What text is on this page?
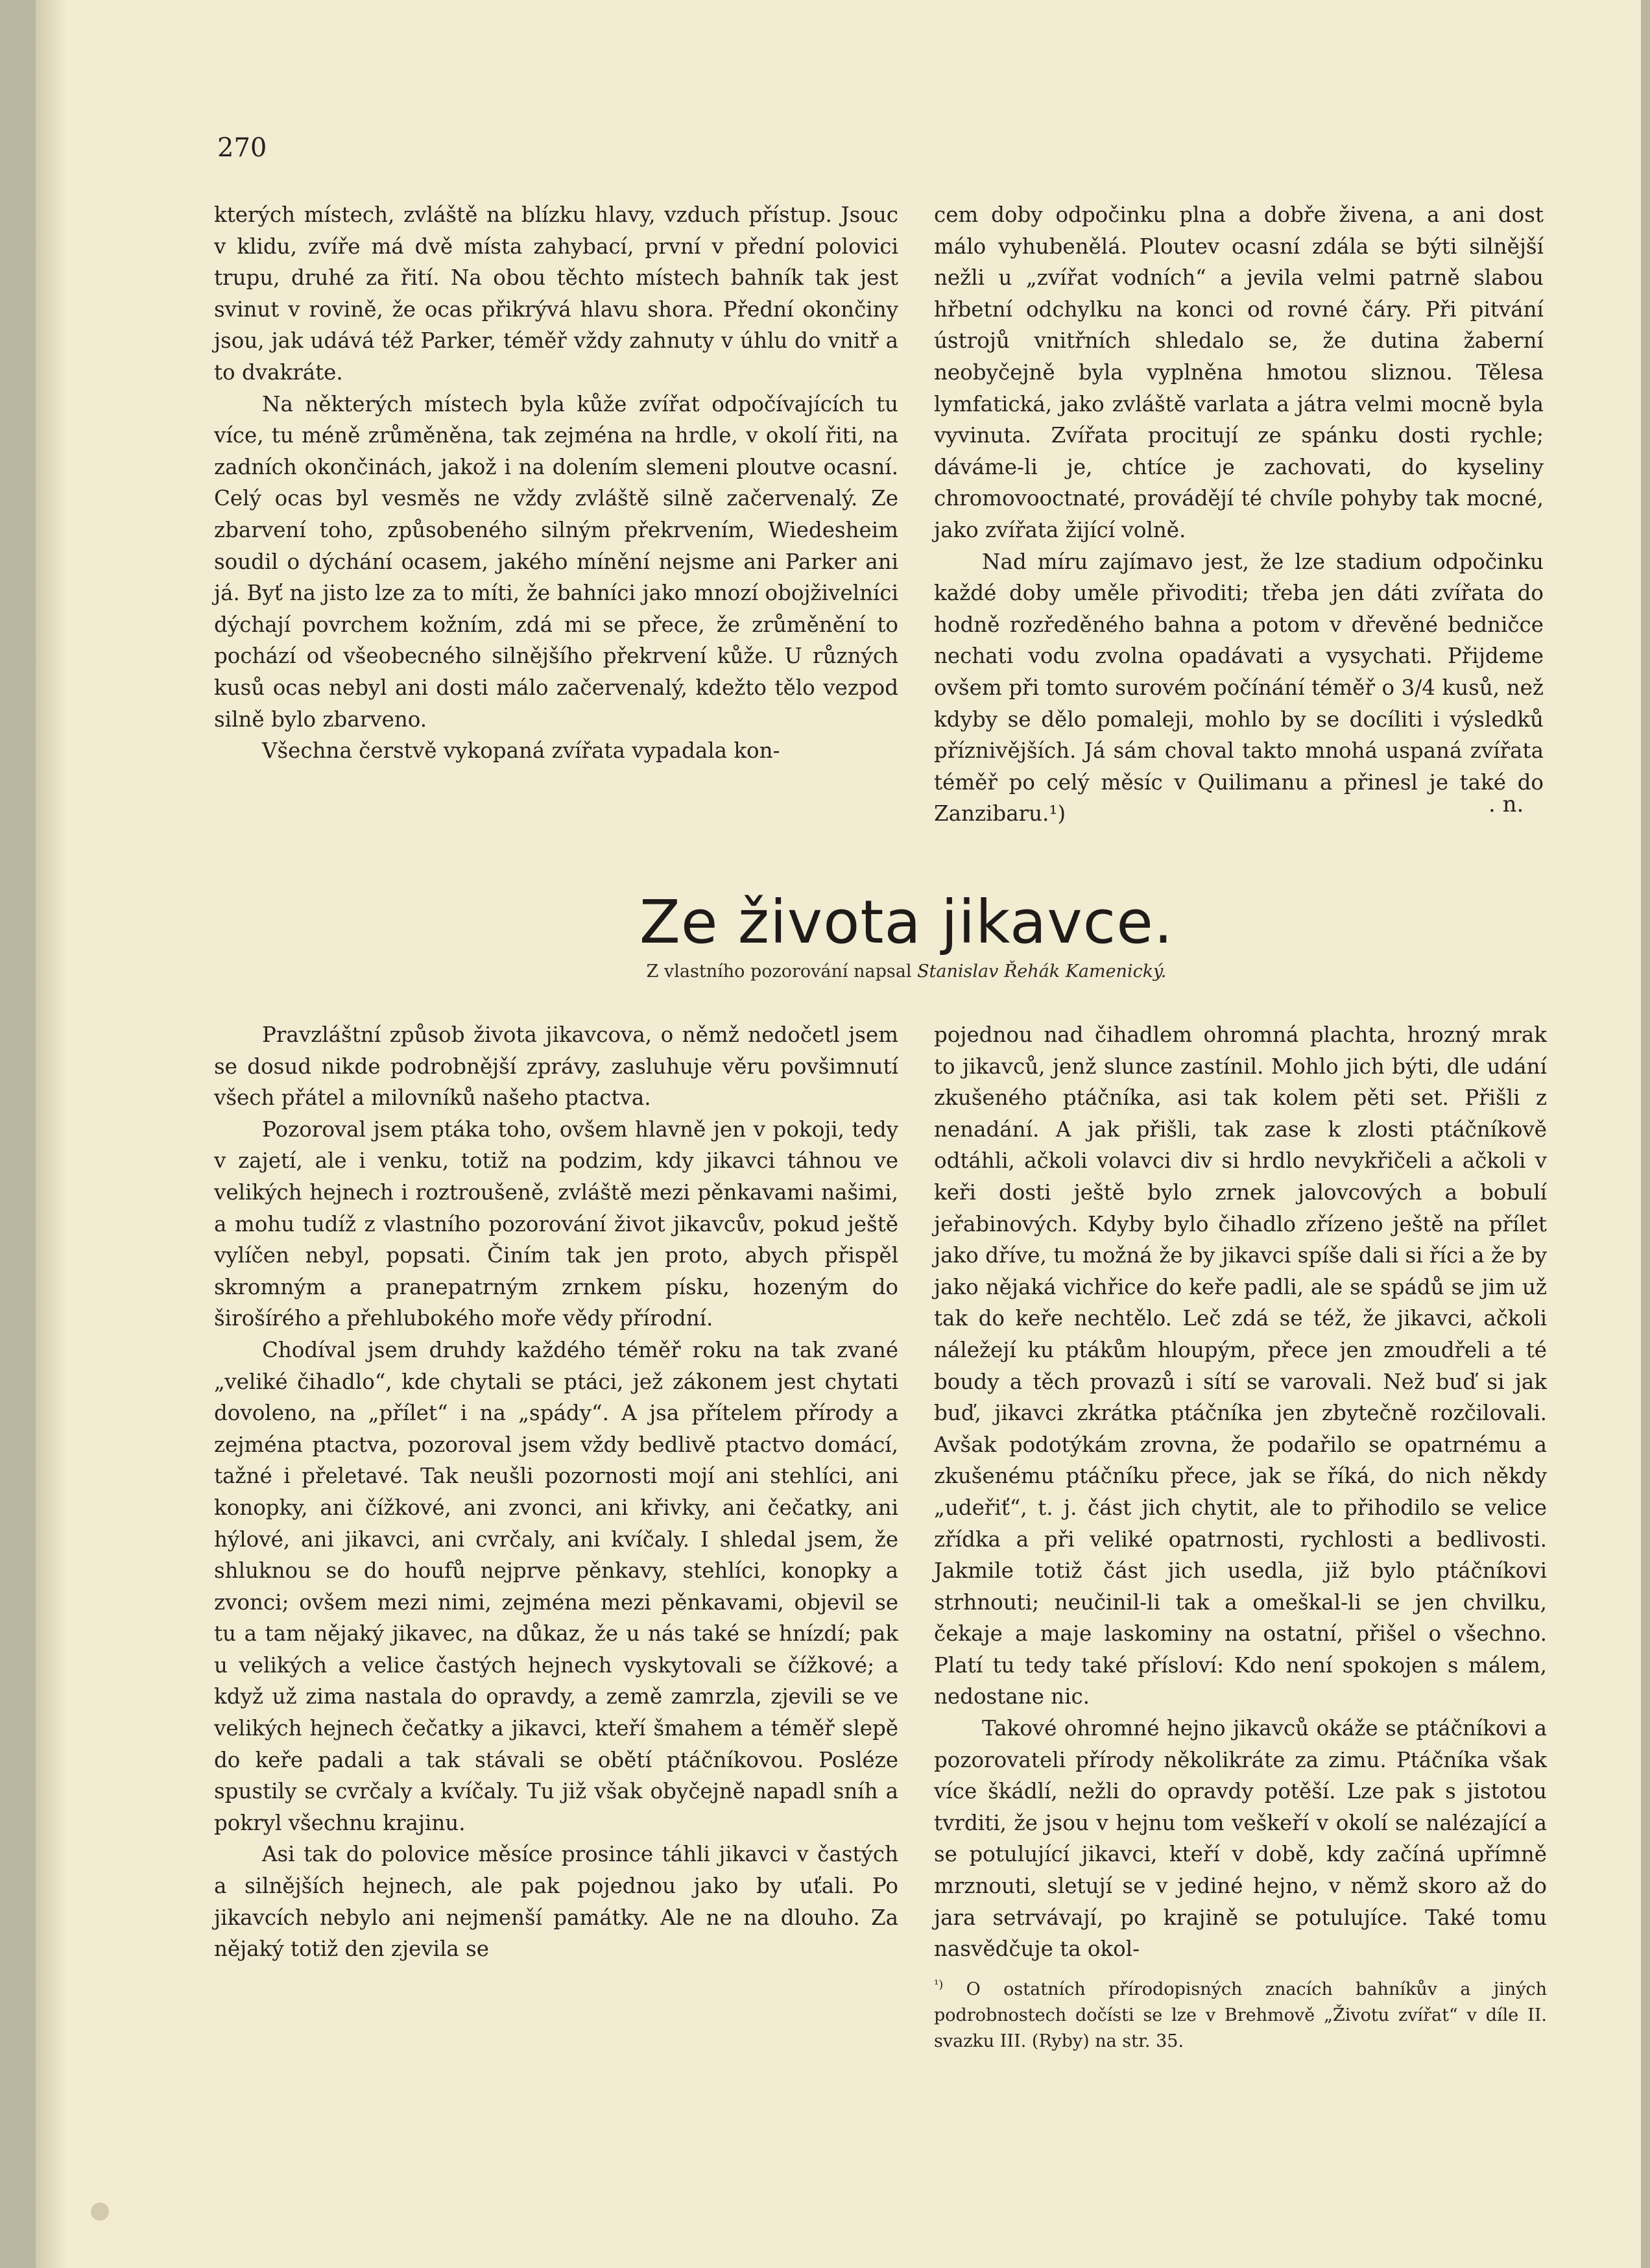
270

kterých místech, zvláště na blízku hlavy, vzduch přístup. Jsouc v klidu, zvíře má dvě místa zahybací, první v přední polovici trupu, druhé za řití. Na obou těchto místech bahník tak jest svinut v rovině, že ocas přikrývá hlavu shora. Přední okončiny jsou, jak udává též Parker, téměř vždy zahnuty v úhlu do vnitř a to dvakráte.

Na některých místech byla kůže zvířat odpočívajících tu více, tu méně zrůměněna, tak zejména na hrdle, v okolí řiti, na zadních okončinách, jakož i na dolením slemeni ploutve ocasní. Celý ocas byl vesměs ne vždy zvláště silně začervenalý. Ze zbarvení toho, způsobeného silným překrvením, Wiedesheim soudil o dýchání ocasem, jakého mínění nejsme ani Parker ani já. Byť na jisto lze za to míti, že bahníci jako mnozí obojživelníci dýchají povrchem kožním, zdá mi se přece, že zrůměnění to pochází od všeobecného silnějšího překrvení kůže. U různých kusů ocas nebyl ani dosti málo začervenalý, kdežto tělo vezpod silně bylo zbarveno.

Všechna čerstvě vykopaná zvířata vypadala kon-

cem doby odpočinku plna a dobře živena, a ani dost málo vyhubenělá. Ploutev ocasní zdála se býti silnější nežli u „zvířat vodních“ a jevila velmi patrně slabou hřbetní odchylku na konci od rovné čáry. Při pitvání ústrojů vnitřních shledalo se, že dutina žaberní neobyčejně byla vyplněna hmotou sliznou. Tělesa lymfatická, jako zvláště varlata a játra velmi mocně byla vyvinuta. Zvířata procitují ze spánku dosti rychle; dáváme-li je, chtíce je zachovati, do kyseliny chromovooctnaté, provádějí té chvíle pohyby tak mocné, jako zvířata žijící volně.

Nad míru zajímavo jest, že lze stadium odpočinku každé doby uměle přivoditi; třeba jen dáti zvířata do hodně rozředěného bahna a potom v dřevěné bedničce nechati vodu zvolna opadávati a vysychati. Přijdeme ovšem při tomto surovém počínání téměř o 3/4 kusů, než kdyby se dělo pomaleji, mohlo by se docíliti i výsledků příznivějších. Já sám choval takto mnohá uspaná zvířata téměř po celý měsíc v Quilimanu a přinesl je také do Zanzibaru.¹)	. n.
Ze života jikavce.
Z vlastního pozorování napsal Stanislav Řehák Kamenický.

Pravzláštní způsob života jikavcova, o němž nedočetl jsem se dosud nikde podrobnější zprávy, zasluhuje věru povšimnutí všech přátel a milovníků našeho ptactva.

Pozoroval jsem ptáka toho, ovšem hlavně jen v pokoji, tedy v zajetí, ale i venku, totiž na podzim, kdy jikavci táhnou ve velikých hejnech i roztroušeně, zvláště mezi pěnkavami našimi, a mohu tudíž z vlastního pozorování život jikavcův, pokud ještě vylíčen nebyl, popsati. Činím tak jen proto, abych přispěl skromným a pranepatrným zrnkem písku, hozeným do širošírého a přehlubokého moře vědy přírodní.

Chodíval jsem druhdy každého téměř roku na tak zvané „veliké čihadlo“, kde chytali se ptáci, jež zákonem jest chytati dovoleno, na „přílet“ i na „spády“. A jsa přítelem přírody a zejména ptactva, pozoroval jsem vždy bedlivě ptactvo domácí, tažné i přeletavé. Tak neušli pozornosti mojí ani stehlíci, ani konopky, ani čížkové, ani zvonci, ani křivky, ani čečatky, ani hýlové, ani jikavci, ani cvrčaly, ani kvíčaly. I shledal jsem, že shluknou se do houfů nejprve pěnkavy, stehlíci, konopky a zvonci; ovšem mezi nimi, zejména mezi pěnkavami, objevil se tu a tam nějaký jikavec, na důkaz, že u nás také se hnízdí; pak u velikých a velice častých hejnech vyskytovali se čížkové; a když už zima nastala do opravdy, a země zamrzla, zjevili se ve velikých hejnech čečatky a jikavci, kteří šmahem a téměř slepě do keře padali a tak stávali se obětí ptáčníkovou. Posléze spustily se cvrčaly a kvíčaly. Tu již však obyčejně napadl sníh a pokryl všechnu krajinu.

Asi tak do polovice měsíce prosince táhli jikavci v častých a silnějších hejnech, ale pak pojednou jako by uťali. Po jikavcích nebylo ani nejmenší památky. Ale ne na dlouho. Za nějaký totiž den zjevila se

pojednou nad čihadlem ohromná plachta, hrozný mrak to jikavců, jenž slunce zastínil. Mohlo jich býti, dle udání zkušeného ptáčníka, asi tak kolem pěti set. Přišli z nenadání. A jak přišli, tak zase k zlosti ptáčníkově odtáhli, ačkoli volavci div si hrdlo nevykřičeli a ačkoli v keři dosti ještě bylo zrnek jalovcových a bobulí jeřabinových. Kdyby bylo čihadlo zřízeno ještě na přílet jako dříve, tu možná že by jikavci spíše dali si říci a že by jako nějaká vichřice do keře padli, ale se spádů se jim už tak do keře nechtělo. Leč zdá se též, že jikavci, ačkoli náležejí ku ptákům hloupým, přece jen zmoudřeli a té boudy a těch provazů i sítí se varovali. Než buď si jak buď, jikavci zkrátka ptáčníka jen zbytečně rozčilovali. Avšak podotýkám zrovna, že podařilo se opatrnému a zkušenému ptáčníku přece, jak se říká, do nich někdy „udeřiť“, t. j. část jich chytit, ale to přihodilo se velice zřídka a při veliké opatrnosti, rychlosti a bedlivosti. Jakmile totiž část jich usedla, již bylo ptáčníkovi strhnouti; neučinil-li tak a omeškal-li se jen chvilku, čekaje a maje laskominy na ostatní, přišel o všechno. Platí tu tedy také přísloví: Kdo není spokojen s málem, nedostane nic.

Takové ohromné hejno jikavců okáže se ptáčníkovi a pozorovateli přírody několikráte za zimu. Ptáčníka však více škádlí, nežli do opravdy potěší. Lze pak s jistotou tvrditi, že jsou v hejnu tom veškeří v okolí se nalézající a se potulující jikavci, kteří v době, kdy začíná upřímně mrznouti, sletují se v jediné hejno, v němž skoro až do jara setrvávají, po krajině se potulujíce. Také tomu nasvědčuje ta okol-

$^{^1)}$ O ostatních přírodopisných znacích bahníkův a jiných podrobnostech dočísti se lze v Brehmově „Životu zvířat“ v díle II. svazku III. (Ryby) na str. 35.
